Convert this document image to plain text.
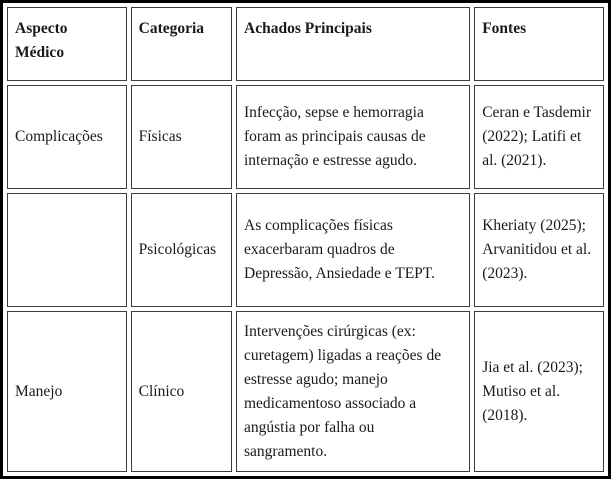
Aspecto Médico	Categoria	Achados Principais	Fontes
Complicações	Físicas	Infecção, sepse e hemorragia foram as principais causas de internação e estresse agudo.	Ceran e Tasdemir (2022); Latifi et al. (2021).
	Psicológicas	As complicações físicas exacerbaram quadros de Depressão, Ansiedade e TEPT.	Kheriaty (2025); Arvanitidou et al. (2023).
Manejo	Clínico	Intervenções cirúrgicas (ex: curetagem) ligadas a reações de estresse agudo; manejo medicamentoso associado a angústia por falha ou sangramento.	Jia et al. (2023); Mutiso et al. (2018).
